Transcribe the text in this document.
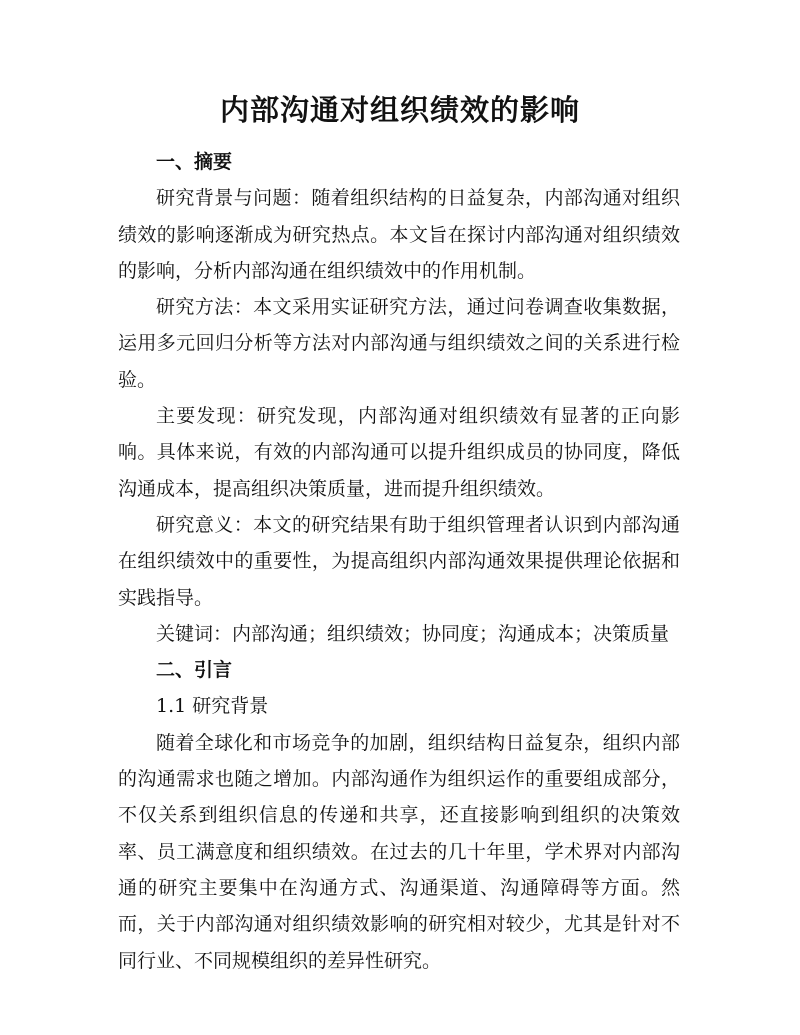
内部沟通对组织绩效的影响

一、摘要

研究背景与问题：随着组织结构的日益复杂，内部沟通对组织绩效的影响逐渐成为研究热点。本文旨在探讨内部沟通对组织绩效的影响，分析内部沟通在组织绩效中的作用机制。

研究方法：本文采用实证研究方法，通过问卷调查收集数据，运用多元回归分析等方法对内部沟通与组织绩效之间的关系进行检验。

主要发现：研究发现，内部沟通对组织绩效有显著的正向影响。具体来说，有效的内部沟通可以提升组织成员的协同度，降低沟通成本，提高组织决策质量，进而提升组织绩效。

研究意义：本文的研究结果有助于组织管理者认识到内部沟通在组织绩效中的重要性，为提高组织内部沟通效果提供理论依据和实践指导。

关键词：内部沟通；组织绩效；协同度；沟通成本；决策质量

二、引言

1.1 研究背景

随着全球化和市场竞争的加剧，组织结构日益复杂，组织内部的沟通需求也随之增加。内部沟通作为组织运作的重要组成部分，不仅关系到组织信息的传递和共享，还直接影响到组织的决策效率、员工满意度和组织绩效。在过去的几十年里，学术界对内部沟通的研究主要集中在沟通方式、沟通渠道、沟通障碍等方面。然而，关于内部沟通对组织绩效影响的研究相对较少，尤其是针对不同行业、不同规模组织的差异性研究。
